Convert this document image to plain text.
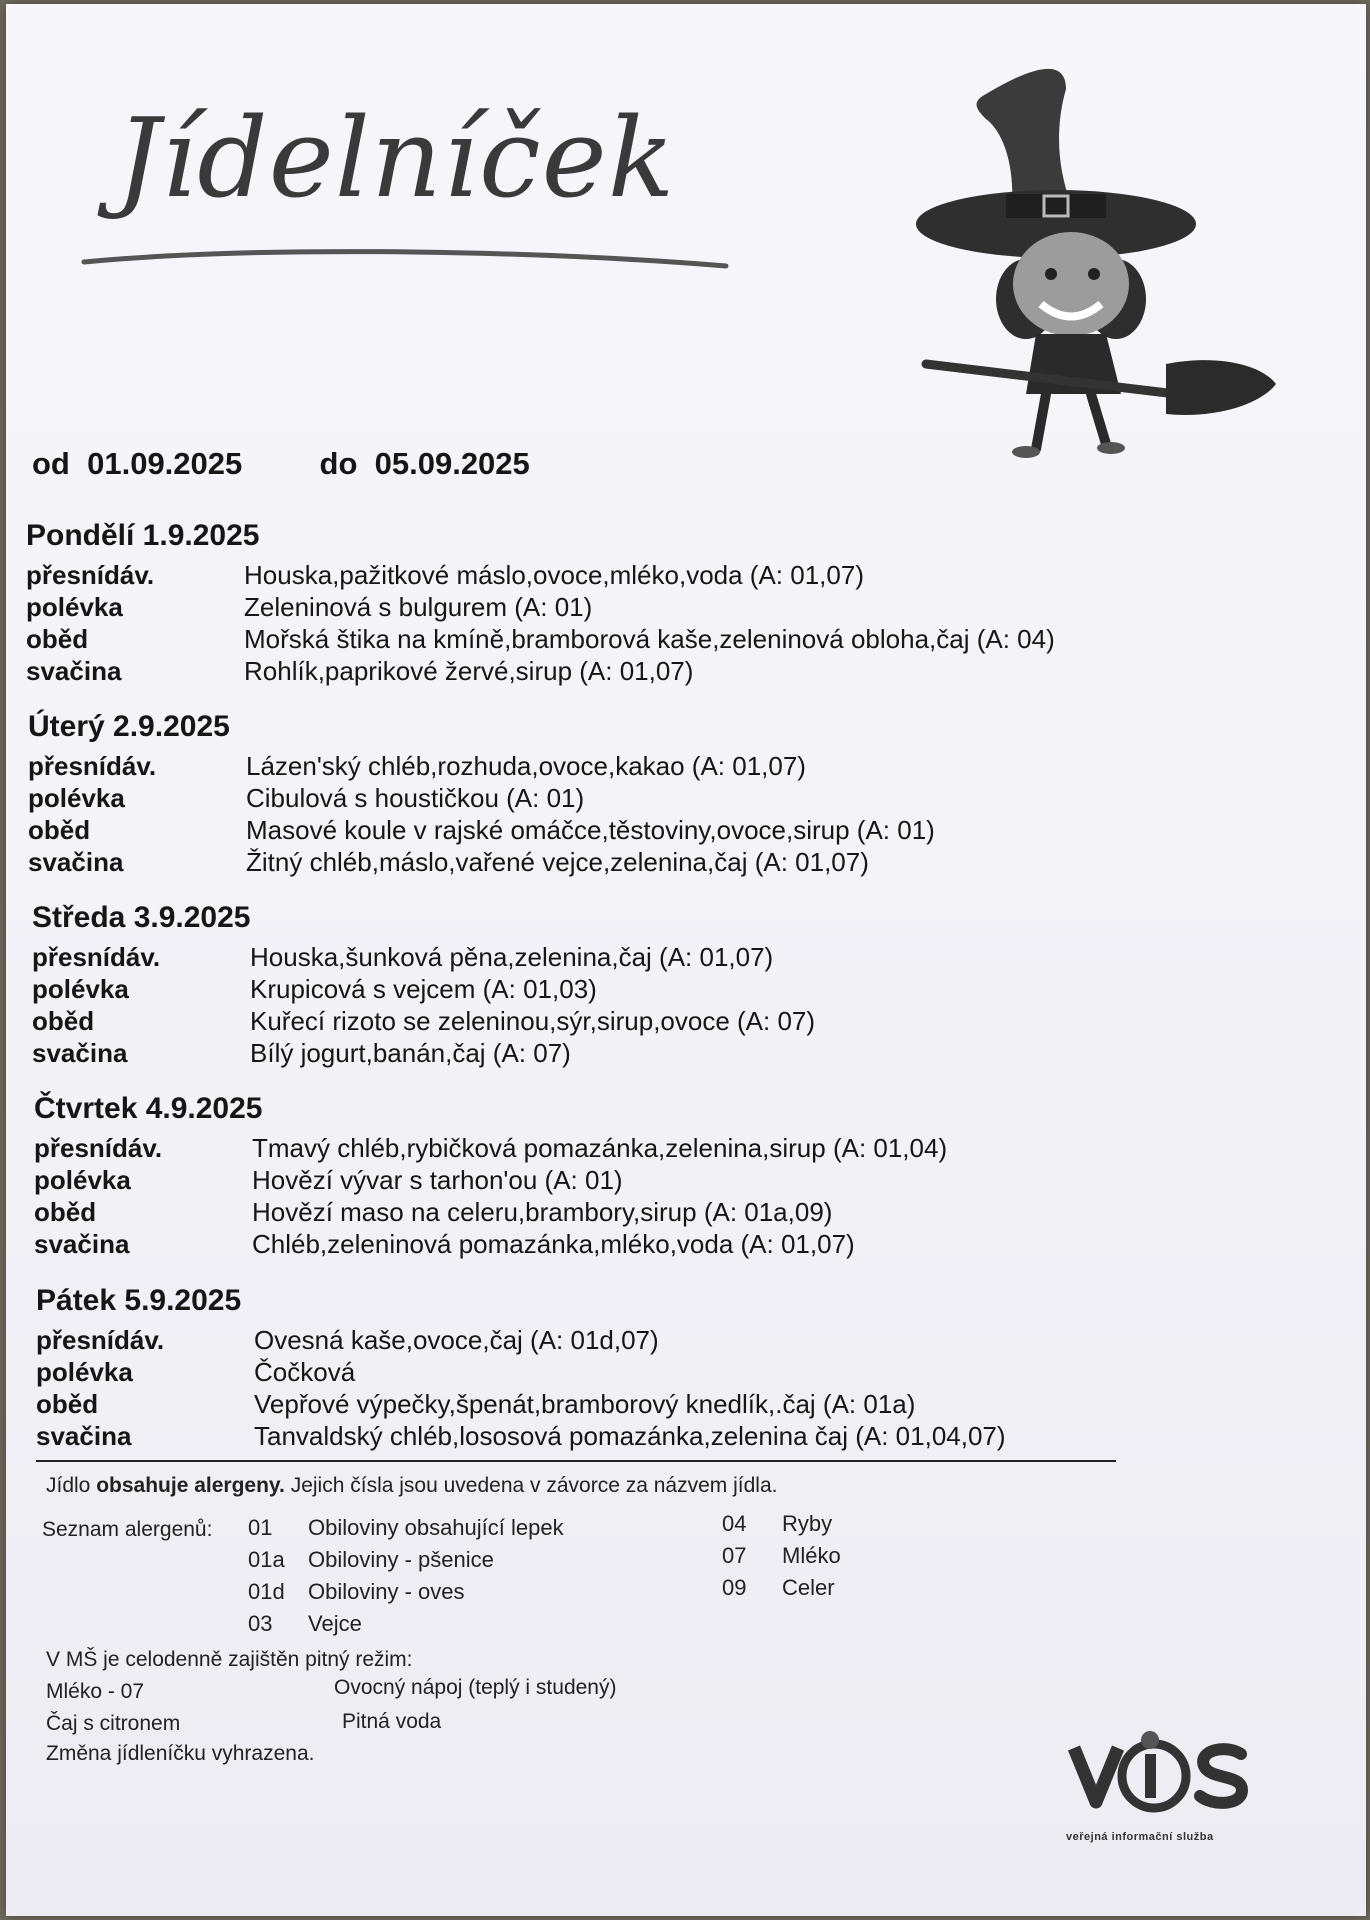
Jídelníček
od 01.09.2025 do 05.09.2025
Pondělí 1.9.2025
přesnídáv.	Houska,pažitkové máslo,ovoce,mléko,voda (A: 01,07)
polévka	Zeleninová s bulgurem (A: 01)
oběd	Mořská štika na kmíně,bramborová kaše,zeleninová obloha,čaj (A: 04)
svačina	Rohlík,paprikové žervé,sirup (A: 01,07)
Úterý 2.9.2025
přesnídáv.	Lázen'ský chléb,rozhuda,ovoce,kakao (A: 01,07)
polévka	Cibulová s houstičkou (A: 01)
oběd	Masové koule v rajské omáčce,těstoviny,ovoce,sirup (A: 01)
svačina	Žitný chléb,máslo,vařené vejce,zelenina,čaj (A: 01,07)
Středa 3.9.2025
přesnídáv.	Houska,šunková pěna,zelenina,čaj (A: 01,07)
polévka	Krupicová s vejcem (A: 01,03)
oběd	Kuřecí rizoto se zeleninou,sýr,sirup,ovoce (A: 07)
svačina	Bílý jogurt,banán,čaj (A: 07)
Čtvrtek 4.9.2025
přesnídáv.	Tmavý chléb,rybičková pomazánka,zelenina,sirup (A: 01,04)
polévka	Hovězí vývar s tarhon'ou (A: 01)
oběd	Hovězí maso na celeru,brambory,sirup (A: 01a,09)
svačina	Chléb,zeleninová pomazánka,mléko,voda (A: 01,07)
Pátek 5.9.2025
přesnídáv.	Ovesná kaše,ovoce,čaj (A: 01d,07)
polévka	Čočková
oběd	Vepřové výpečky,špenát,bramborový knedlík,.čaj (A: 01a)
svačina	Tanvaldský chléb,lososová pomazánka,zelenina čaj (A: 01,04,07)
Jídlo obsahuje alergeny. Jejich čísla jsou uvedena v závorce za názvem jídla.
Seznam alergenů: 01	Obiloviny obsahující lepek
01a	Obiloviny - pšenice
01d	Obiloviny - oves
03	Vejce
04	Ryby
07	Mléko
09	Celer
V MŠ je celodenně zajištěn pitný režim:
Mléko - 07	Ovocný nápoj (teplý i studený)
Čaj s citronem	Pitná voda
Změna jídleníčku vyhrazena.
veřejná informační služba
